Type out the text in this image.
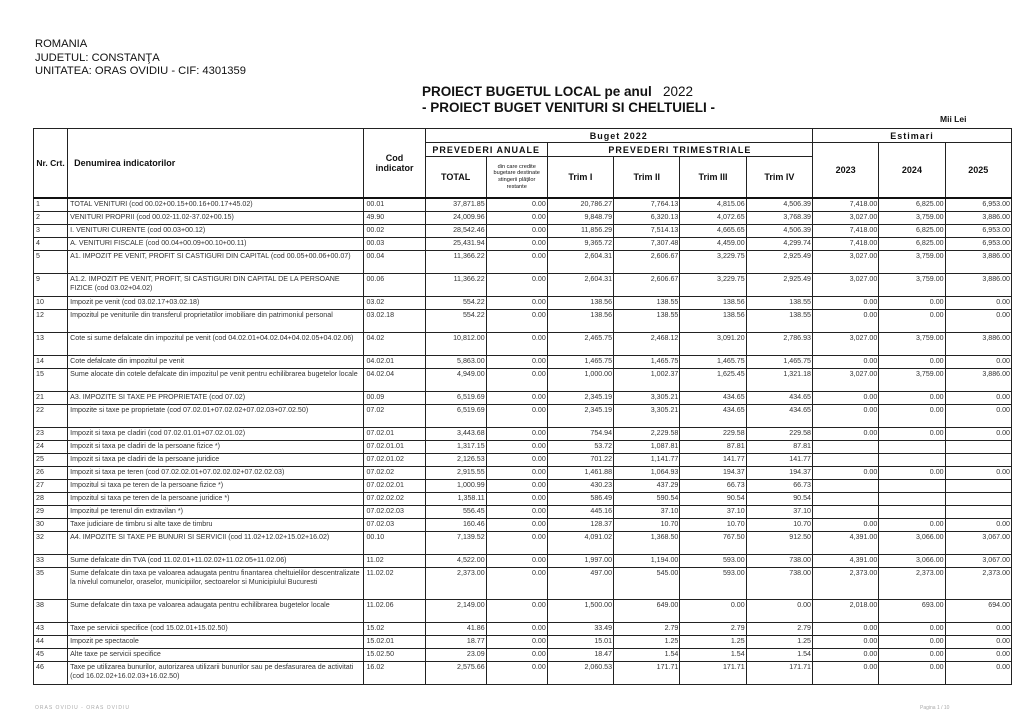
ROMANIA
JUDETUL: CONSTANŢA
UNITATEA: ORAS OVIDIU - CIF: 4301359
PROIECT BUGETUL LOCAL pe anul 2022
- PROIECT BUGET VENITURI SI CHELTUIELI -
Mii Lei
Nr. Crt.	Denumirea indicatorilor	Cod indicator	Buget 2022						Estimari		
			PREVEDERI ANUALE		PREVEDERI TRIMESTRIALE				2023	2024	2025
			TOTAL	din care credite bugetare destinate stingerii plăţilor restante	Trim I	Trim II	Trim III	Trim IV			
1	TOTAL VENITURI (cod 00.02+00.15+00.16+00.17+45.02)	00.01	37,871.85	0.00	20,786.27	7,764.13	4,815.06	4,506.39	7,418.00	6,825.00	6,953.00
2	VENITURI PROPRII (cod 00.02-11.02-37.02+00.15)	49.90	24,009.96	0.00	9,848.79	6,320.13	4,072.65	3,768.39	3,027.00	3,759.00	3,886.00
3	I. VENITURI CURENTE (cod 00.03+00.12)	00.02	28,542.46	0.00	11,856.29	7,514.13	4,665.65	4,506.39	7,418.00	6,825.00	6,953.00
4	A. VENITURI FISCALE (cod 00.04+00.09+00.10+00.11)	00.03	25,431.94	0.00	9,365.72	7,307.48	4,459.00	4,299.74	7,418.00	6,825.00	6,953.00
5	A1. IMPOZIT PE VENIT, PROFIT SI CASTIGURI DIN CAPITAL (cod 00.05+00.06+00.07)	00.04	11,366.22	0.00	2,604.31	2,606.67	3,229.75	2,925.49	3,027.00	3,759.00	3,886.00
9	A1.2. IMPOZIT PE VENIT, PROFIT, SI CASTIGURI DIN CAPITAL DE LA PERSOANE FIZICE (cod 03.02+04.02)	00.06	11,366.22	0.00	2,604.31	2,606.67	3,229.75	2,925.49	3,027.00	3,759.00	3,886.00
10	Impozit pe venit (cod 03.02.17+03.02.18)	03.02	554.22	0.00	138.56	138.55	138.56	138.55	0.00	0.00	0.00
12	Impozitul pe veniturile din transferul proprietatilor imobiliare din patrimoniul personal	03.02.18	554.22	0.00	138.56	138.55	138.56	138.55	0.00	0.00	0.00
13	Cote si sume defalcate din impozitul pe venit (cod 04.02.01+04.02.04+04.02.05+04.02.06)	04.02	10,812.00	0.00	2,465.75	2,468.12	3,091.20	2,786.93	3,027.00	3,759.00	3,886.00
14	Cote defalcate din impozitul pe venit	04.02.01	5,863.00	0.00	1,465.75	1,465.75	1,465.75	1,465.75	0.00	0.00	0.00
15	Sume alocate din cotele defalcate din impozitul pe venit pentru echilibrarea bugetelor locale	04.02.04	4,949.00	0.00	1,000.00	1,002.37	1,625.45	1,321.18	3,027.00	3,759.00	3,886.00
21	A3. IMPOZITE SI TAXE PE PROPRIETATE (cod 07.02)	00.09	6,519.69	0.00	2,345.19	3,305.21	434.65	434.65	0.00	0.00	0.00
22	Impozite si taxe pe proprietate (cod 07.02.01+07.02.02+07.02.03+07.02.50)	07.02	6,519.69	0.00	2,345.19	3,305.21	434.65	434.65	0.00	0.00	0.00
23	Impozit si taxa pe cladiri (cod 07.02.01.01+07.02.01.02)	07.02.01	3,443.68	0.00	754.94	2,229.58	229.58	229.58	0.00	0.00	0.00
24	Impozit si taxa pe cladiri de la persoane fizice *)	07.02.01.01	1,317.15	0.00	53.72	1,087.81	87.81	87.81			
25	Impozit si taxa pe cladiri de la persoane juridice	07.02.01.02	2,126.53	0.00	701.22	1,141.77	141.77	141.77			
26	Impozit si taxa pe teren (cod 07.02.02.01+07.02.02.02+07.02.02.03)	07.02.02	2,915.55	0.00	1,461.88	1,064.93	194.37	194.37	0.00	0.00	0.00
27	Impozitul si taxa pe teren de la persoane fizice *)	07.02.02.01	1,000.99	0.00	430.23	437.29	66.73	66.73			
28	Impozitul si taxa pe teren de la persoane juridice *)	07.02.02.02	1,358.11	0.00	586.49	590.54	90.54	90.54			
29	Impozitul pe terenul din extravilan *)	07.02.02.03	556.45	0.00	445.16	37.10	37.10	37.10			
30	Taxe judiciare de timbru si alte taxe de timbru	07.02.03	160.46	0.00	128.37	10.70	10.70	10.70	0.00	0.00	0.00
32	A4. IMPOZITE SI TAXE PE BUNURI SI SERVICII (cod 11.02+12.02+15.02+16.02)	00.10	7,139.52	0.00	4,091.02	1,368.50	767.50	912.50	4,391.00	3,066.00	3,067.00
33	Sume defalcate din TVA (cod 11.02.01+11.02.02+11.02.05+11.02.06)	11.02	4,522.00	0.00	1,997.00	1,194.00	593.00	738.00	4,391.00	3,066.00	3,067.00
35	Sume defalcate din taxa pe valoarea adaugata pentru finantarea cheltuielilor descentralizate la nivelul comunelor, oraselor, municipiilor, sectoarelor si Municipiului Bucuresti	11.02.02	2,373.00	0.00	497.00	545.00	593.00	738.00	2,373.00	2,373.00	2,373.00
38	Sume defalcate din taxa pe valoarea adaugata pentru echilibrarea bugetelor locale	11.02.06	2,149.00	0.00	1,500.00	649.00	0.00	0.00	2,018.00	693.00	694.00
43	Taxe pe servicii specifice (cod 15.02.01+15.02.50)	15.02	41.86	0.00	33.49	2.79	2.79	2.79	0.00	0.00	0.00
44	Impozit pe spectacole	15.02.01	18.77	0.00	15.01	1.25	1.25	1.25	0.00	0.00	0.00
45	Alte taxe pe servicii specifice	15.02.50	23.09	0.00	18.47	1.54	1.54	1.54	0.00	0.00	0.00
46	Taxe pe utilizarea bunurilor, autorizarea utilizarii bunurilor sau pe desfasurarea de activitati (cod 16.02.02+16.02.03+16.02.50)	16.02	2,575.66	0.00	2,060.53	171.71	171.71	171.71	0.00	0.00	0.00
ORAS OVIDIU - ORAS OVIDIU	Pagina 1 / 10
